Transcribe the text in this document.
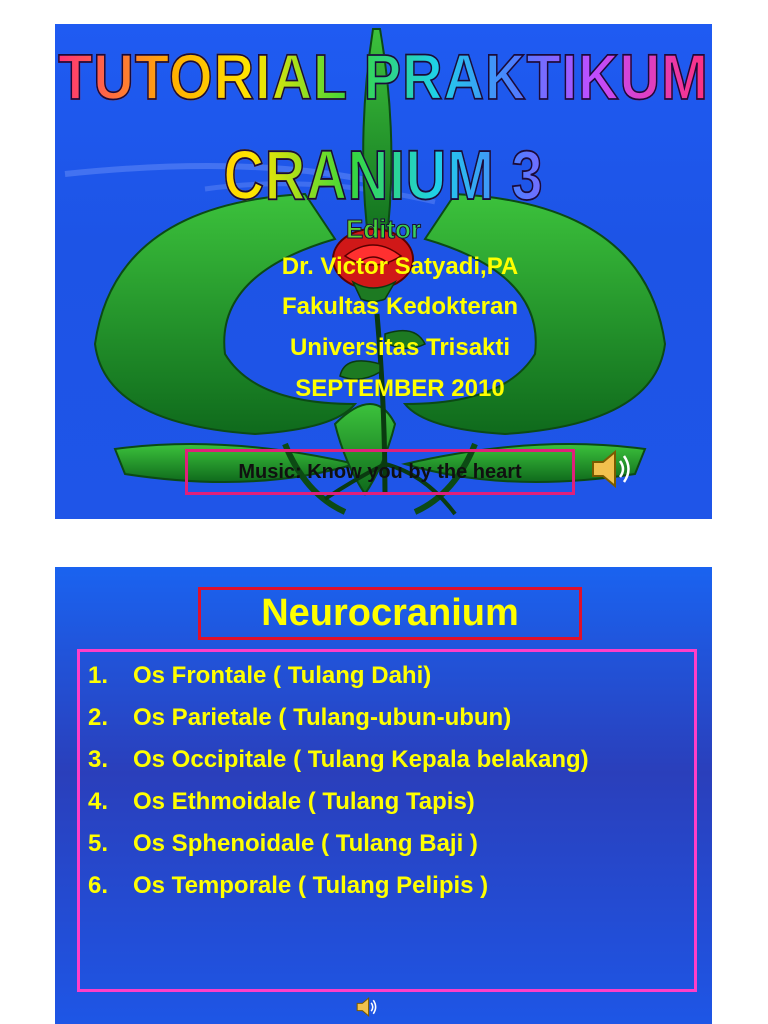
TUTORIAL PRAKTIKUM
CRANIUM 3
Editor
Dr. Victor Satyadi,PA
Fakultas Kedokteran
Universitas Trisakti
SEPTEMBER 2010
Music: Know you by the heart
Neurocranium
1.	Os Frontale ( Tulang Dahi)
2.	Os Parietale ( Tulang-ubun-ubun)
3.	Os Occipitale ( Tulang Kepala belakang)
4.	Os Ethmoidale ( Tulang Tapis)
5.	Os Sphenoidale ( Tulang Baji )
6.	Os Temporale ( Tulang Pelipis )
